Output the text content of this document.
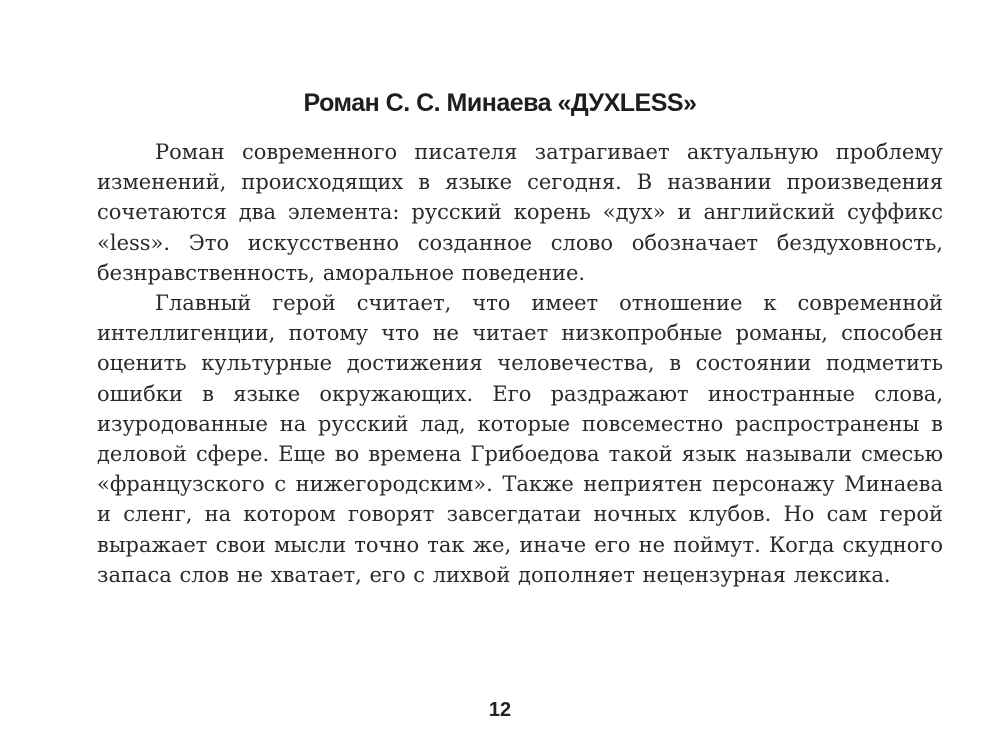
Роман С. С. Минаева «ДУХLESS»

Роман современного писателя затрагивает актуальную проблему изменений, происходящих в языке сегодня. В названии произведения сочетаются два элемента: русский корень «дух» и английский суффикс «less». Это искусственно созданное слово обозначает бездуховность, безнравственность, аморальное поведение.

Главный герой считает, что имеет отношение к современной интеллигенции, потому что не читает низкопробные романы, способен оценить культурные достижения человечества, в состоянии подметить ошибки в языке окружающих. Его раздражают иностранные слова, изуродованные на русский лад, которые повсеместно распространены в деловой сфере. Еще во времена Грибоедова такой язык называли смесью «французского с нижегородским». Также неприятен персонажу Минаева и сленг, на котором говорят завсегдатаи ночных клубов. Но сам герой выражает свои мысли точно так же, иначе его не поймут. Когда скудного запаса слов не хватает, его с лихвой дополняет нецензурная лексика.

12
